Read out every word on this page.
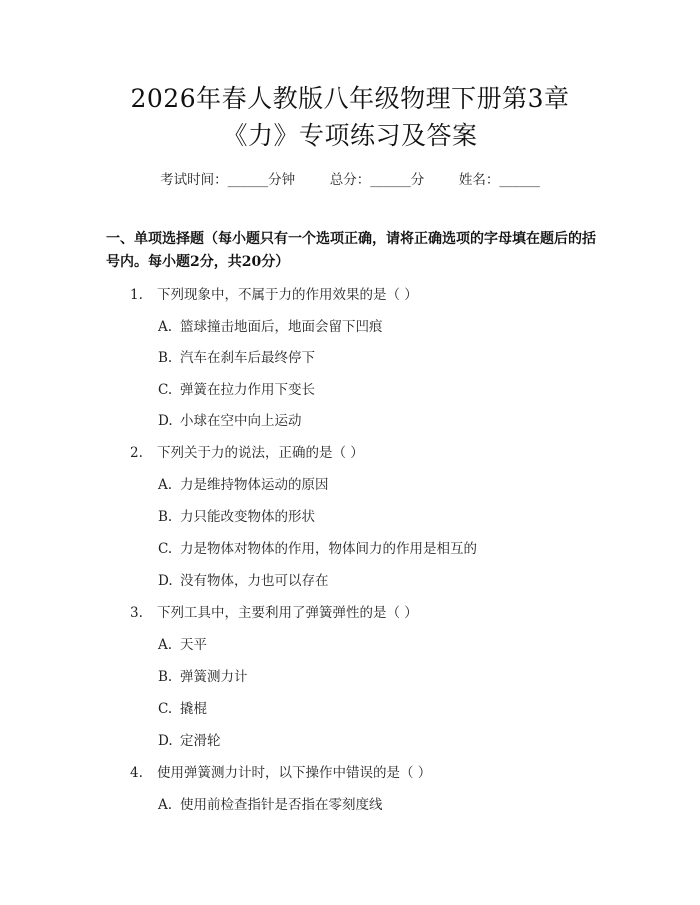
2026年春人教版八年级物理下册第3章
《力》专项练习及答案
考试时间：______分钟	总分：______分	姓名：______
一、单项选择题（每小题只有一个选项正确，请将正确选项的字母填在题后的括号内。每小题2分，共20分）
1. 下列现象中，不属于力的作用效果的是（ ）
A. 篮球撞击地面后，地面会留下凹痕
B. 汽车在刹车后最终停下
C. 弹簧在拉力作用下变长
D. 小球在空中向上运动
2. 下列关于力的说法，正确的是（ ）
A. 力是维持物体运动的原因
B. 力只能改变物体的形状
C. 力是物体对物体的作用，物体间力的作用是相互的
D. 没有物体，力也可以存在
3. 下列工具中，主要利用了弹簧弹性的是（ ）
A. 天平
B. 弹簧测力计
C. 撬棍
D. 定滑轮
4. 使用弹簧测力计时，以下操作中错误的是（ ）
A. 使用前检查指针是否指在零刻度线
